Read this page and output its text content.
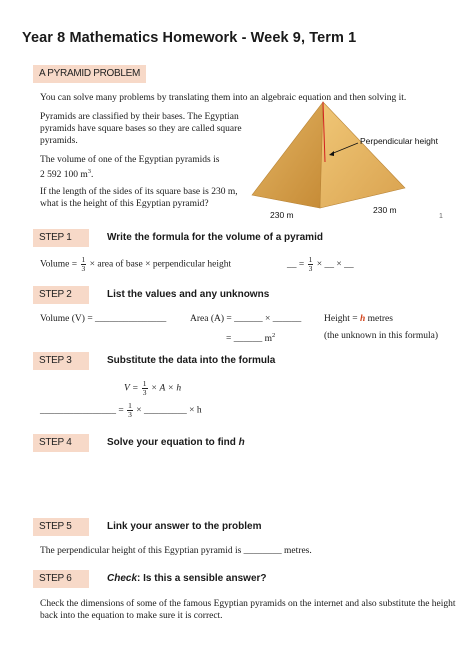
Year 8 Mathematics Homework - Week 9, Term 1
A PYRAMID PROBLEM
You can solve many problems by translating them into an algebraic equation and then solving it.
Pyramids are classified by their bases. The Egyptian pyramids have square bases so they are called square pyramids.
The volume of one of the Egyptian pyramids is
2 592 100 $m^3$.
If the length of the sides of its square base is 230 m, what is the height of this Egyptian pyramid?
Perpendicular height
230 m	230 m
1
STEP 1	Write the formula for the volume of a pyramid
Volume = $\frac{1}{3}$ × area of base × perpendicular height	__ = $\frac{1}{3}$ × __ × __
STEP 2	List the values and any unknowns
Volume (V) = _______________ Area (A) = ______ × ______ Height = h metres
= ______ $m^2$	(the unknown in this formula)
STEP 3	Substitute the data into the formula
$V = \frac{1}{3} \times A \times h$
________________ = $\frac{1}{3}$ × _________ × h
STEP 4	Solve your equation to find h
STEP 5	Link your answer to the problem
The perpendicular height of this Egyptian pyramid is ________ metres.
STEP 6	Check: Is this a sensible answer?
Check the dimensions of some of the famous Egyptian pyramids on the internet and also substitute the height back into the equation to make sure it is correct.
